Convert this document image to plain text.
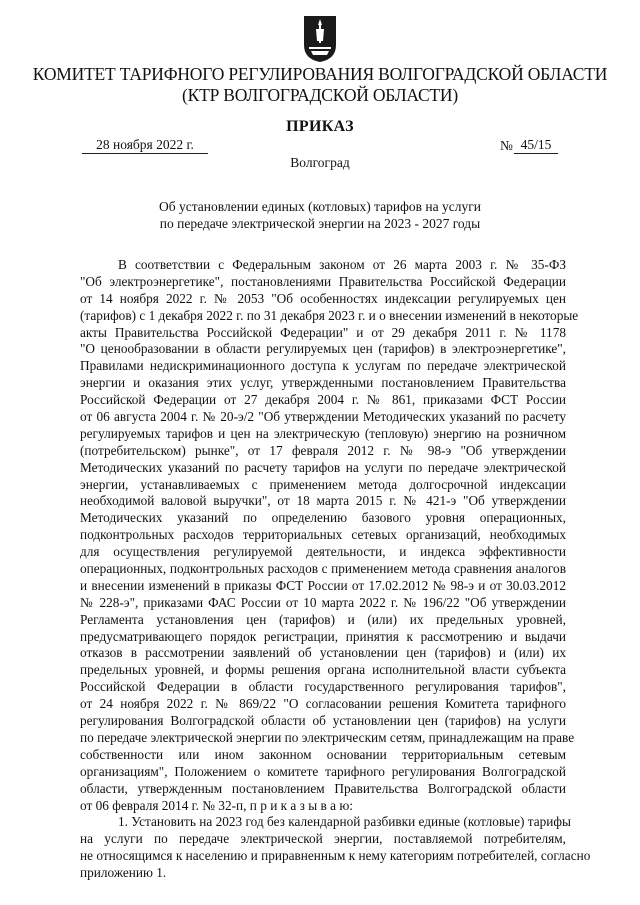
КОМИТЕТ ТАРИФНОГО РЕГУЛИРОВАНИЯ ВОЛГОГРАДСКОЙ ОБЛАСТИ
(КТР ВОЛГОГРАДСКОЙ ОБЛАСТИ)
ПРИКАЗ
28 ноября 2022 г.	№ 45/15
Волгоград
Об установлении единых (котловых) тарифов на услуги
по передаче электрической энергии на 2023 - 2027 годы
В соответствии с Федеральным законом от 26 марта 2003 г. № 35-ФЗ
"Об электроэнергетике", постановлениями Правительства Российской Федерации
от 14 ноября 2022 г. № 2053 "Об особенностях индексации регулируемых цен
(тарифов) с 1 декабря 2022 г. по 31 декабря 2023 г. и о внесении изменений в некоторые
акты Правительства Российской Федерации" и от 29 декабря 2011 г. № 1178
"О ценообразовании в области регулируемых цен (тарифов) в электроэнергетике",
Правилами недискриминационного доступа к услугам по передаче электрической
энергии и оказания этих услуг, утвержденными постановлением Правительства
Российской Федерации от 27 декабря 2004 г. № 861, приказами ФСТ России
от 06 августа 2004 г. № 20-э/2 "Об утверждении Методических указаний по расчету
регулируемых тарифов и цен на электрическую (тепловую) энергию на розничном
(потребительском) рынке", от 17 февраля 2012 г. № 98-э "Об утверждении
Методических указаний по расчету тарифов на услуги по передаче электрической
энергии, устанавливаемых с применением метода долгосрочной индексации
необходимой валовой выручки", от 18 марта 2015 г. № 421-э "Об утверждении
Методических указаний по определению базового уровня операционных,
подконтрольных расходов территориальных сетевых организаций, необходимых
для осуществления регулируемой деятельности, и индекса эффективности
операционных, подконтрольных расходов с применением метода сравнения аналогов
и внесении изменений в приказы ФСТ России от 17.02.2012 № 98-э и от 30.03.2012
№ 228-э", приказами ФАС России от 10 марта 2022 г. № 196/22 "Об утверждении
Регламента установления цен (тарифов) и (или) их предельных уровней,
предусматривающего порядок регистрации, принятия к рассмотрению и выдачи
отказов в рассмотрении заявлений об установлении цен (тарифов) и (или) их
предельных уровней, и формы решения органа исполнительной власти субъекта
Российской Федерации в области государственного регулирования тарифов",
от 24 ноября 2022 г. № 869/22 "О согласовании решения Комитета тарифного
регулирования Волгоградской области об установлении цен (тарифов) на услуги
по передаче электрической энергии по электрическим сетям, принадлежащим на праве
собственности или ином законном основании территориальным сетевым
организациям", Положением о комитете тарифного регулирования Волгоградской
области, утвержденным постановлением Правительства Волгоградской области
от 06 февраля 2014 г. № 32-п, п р и к а з ы в а ю:
1. Установить на 2023 год без календарной разбивки единые (котловые) тарифы
на услуги по передаче электрической энергии, поставляемой потребителям,
не относящимся к населению и приравненным к нему категориям потребителей, согласно
приложению 1.
